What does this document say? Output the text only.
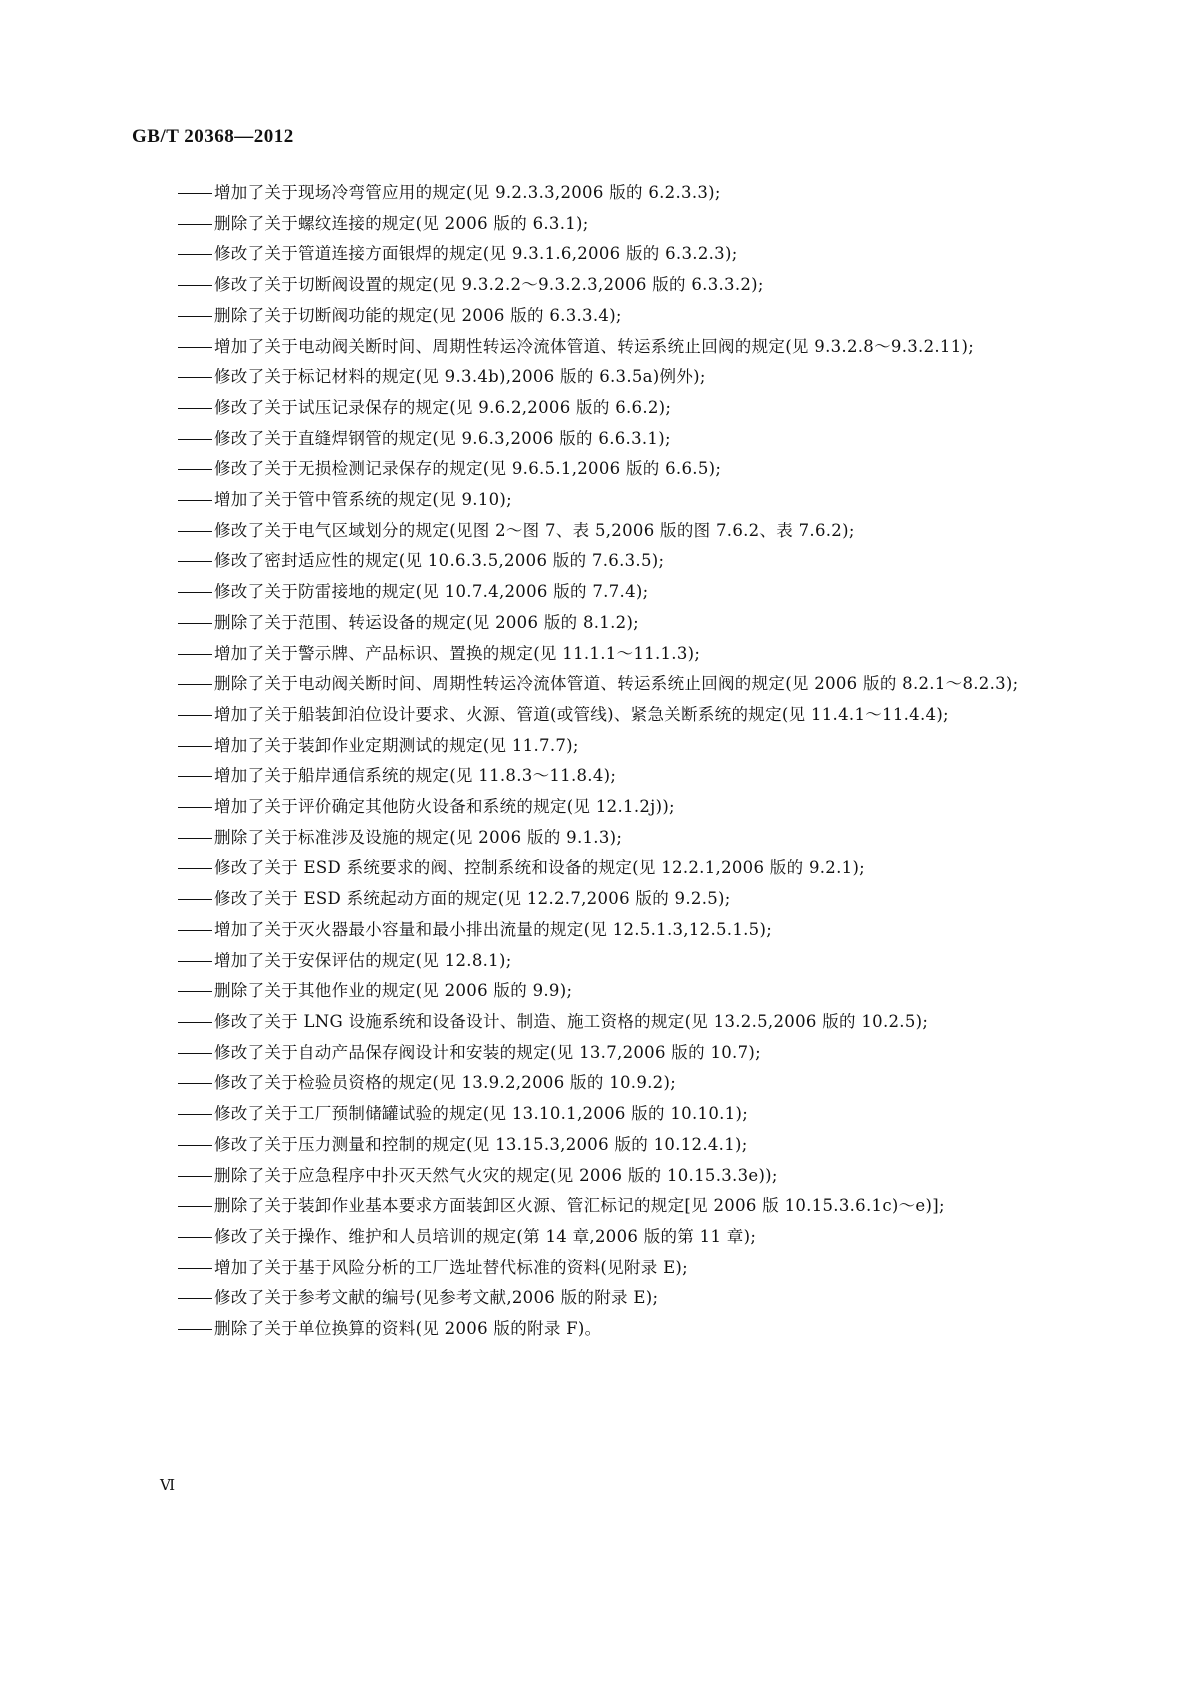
GB/T 20368—2012
增加了关于现场冷弯管应用的规定(见 9.2.3.3,2006 版的 6.2.3.3);
删除了关于螺纹连接的规定(见 2006 版的 6.3.1);
修改了关于管道连接方面银焊的规定(见 9.3.1.6,2006 版的 6.3.2.3);
修改了关于切断阀设置的规定(见 9.3.2.2～9.3.2.3,2006 版的 6.3.3.2);
删除了关于切断阀功能的规定(见 2006 版的 6.3.3.4);
增加了关于电动阀关断时间、周期性转运冷流体管道、转运系统止回阀的规定(见 9.3.2.8～9.3.2.11);
修改了关于标记材料的规定(见 9.3.4b),2006 版的 6.3.5a)例外);
修改了关于试压记录保存的规定(见 9.6.2,2006 版的 6.6.2);
修改了关于直缝焊钢管的规定(见 9.6.3,2006 版的 6.6.3.1);
修改了关于无损检测记录保存的规定(见 9.6.5.1,2006 版的 6.6.5);
增加了关于管中管系统的规定(见 9.10);
修改了关于电气区域划分的规定(见图 2～图 7、表 5,2006 版的图 7.6.2、表 7.6.2);
修改了密封适应性的规定(见 10.6.3.5,2006 版的 7.6.3.5);
修改了关于防雷接地的规定(见 10.7.4,2006 版的 7.7.4);
删除了关于范围、转运设备的规定(见 2006 版的 8.1.2);
增加了关于警示牌、产品标识、置换的规定(见 11.1.1～11.1.3);
删除了关于电动阀关断时间、周期性转运冷流体管道、转运系统止回阀的规定(见 2006 版的 8.2.1～8.2.3);
增加了关于船装卸泊位设计要求、火源、管道(或管线)、紧急关断系统的规定(见 11.4.1～11.4.4);
增加了关于装卸作业定期测试的规定(见 11.7.7);
增加了关于船岸通信系统的规定(见 11.8.3～11.8.4);
增加了关于评价确定其他防火设备和系统的规定(见 12.1.2j));
删除了关于标准涉及设施的规定(见 2006 版的 9.1.3);
修改了关于 ESD 系统要求的阀、控制系统和设备的规定(见 12.2.1,2006 版的 9.2.1);
修改了关于 ESD 系统起动方面的规定(见 12.2.7,2006 版的 9.2.5);
增加了关于灭火器最小容量和最小排出流量的规定(见 12.5.1.3,12.5.1.5);
增加了关于安保评估的规定(见 12.8.1);
删除了关于其他作业的规定(见 2006 版的 9.9);
修改了关于 LNG 设施系统和设备设计、制造、施工资格的规定(见 13.2.5,2006 版的 10.2.5);
修改了关于自动产品保存阀设计和安装的规定(见 13.7,2006 版的 10.7);
修改了关于检验员资格的规定(见 13.9.2,2006 版的 10.9.2);
修改了关于工厂预制储罐试验的规定(见 13.10.1,2006 版的 10.10.1);
修改了关于压力测量和控制的规定(见 13.15.3,2006 版的 10.12.4.1);
删除了关于应急程序中扑灭天然气火灾的规定(见 2006 版的 10.15.3.3e));
删除了关于装卸作业基本要求方面装卸区火源、管汇标记的规定[见 2006 版 10.15.3.6.1c)～e)];
修改了关于操作、维护和人员培训的规定(第 14 章,2006 版的第 11 章);
增加了关于基于风险分析的工厂选址替代标准的资料(见附录 E);
修改了关于参考文献的编号(见参考文献,2006 版的附录 E);
删除了关于单位换算的资料(见 2006 版的附录 F)。
Ⅵ
